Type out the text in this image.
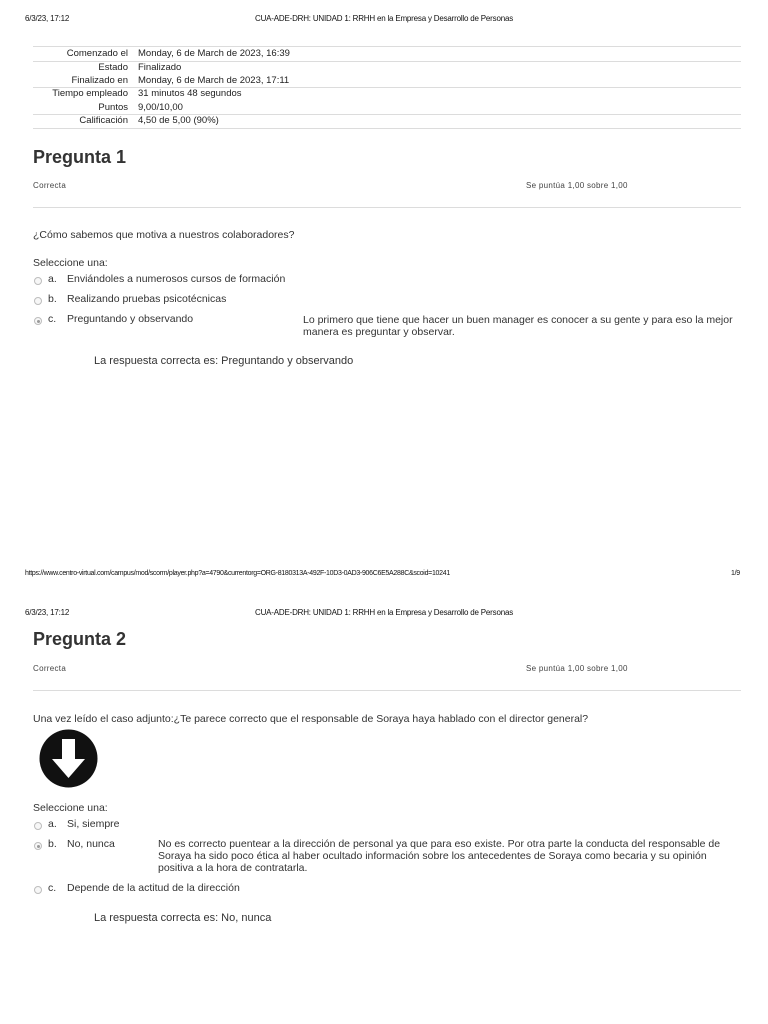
6/3/23, 17:12	CUA-ADE-DRH: UNIDAD 1: RRHH en la Empresa y Desarrollo de Personas
Comenzado el Monday, 6 de March de 2023, 16:39
Estado Finalizado
Finalizado en Monday, 6 de March de 2023, 17:11
Tiempo empleado 31 minutos 48 segundos
Puntos 9,00/10,00
Calificación 4,50 de 5,00 (90%)
Pregunta 1
Correcta	Se puntúa 1,00 sobre 1,00
¿Cómo sabemos que motiva a nuestros colaboradores?
Seleccione una:
a. Enviándoles a numerosos cursos de formación
b. Realizando pruebas psicotécnicas
c. Preguntando y observando	Lo primero que tiene que hacer un buen manager es conocer a su gente y para eso la mejor manera es preguntar y observar.
La respuesta correcta es: Preguntando y observando
https://www.centro-virtual.com/campus/mod/scorm/player.php?a=4790&currentorg=ORG-8180313A-492F-10D3-0AD3-906C6E5A288C&scoid=10241	1/9
6/3/23, 17:12	CUA-ADE-DRH: UNIDAD 1: RRHH en la Empresa y Desarrollo de Personas
Pregunta 2
Correcta	Se puntúa 1,00 sobre 1,00
Una vez leído el caso adjunto:¿Te parece correcto que el responsable de Soraya haya hablado con el director general?
Seleccione una:
a. Si, siempre
b. No, nunca	No es correcto puentear a la dirección de personal ya que para eso existe. Por otra parte la conducta del responsable de Soraya ha sido poco ética al haber ocultado información sobre los antecedentes de Soraya como becaria y su opinión positiva a la hora de contratarla.
c. Depende de la actitud de la dirección
La respuesta correcta es: No, nunca
